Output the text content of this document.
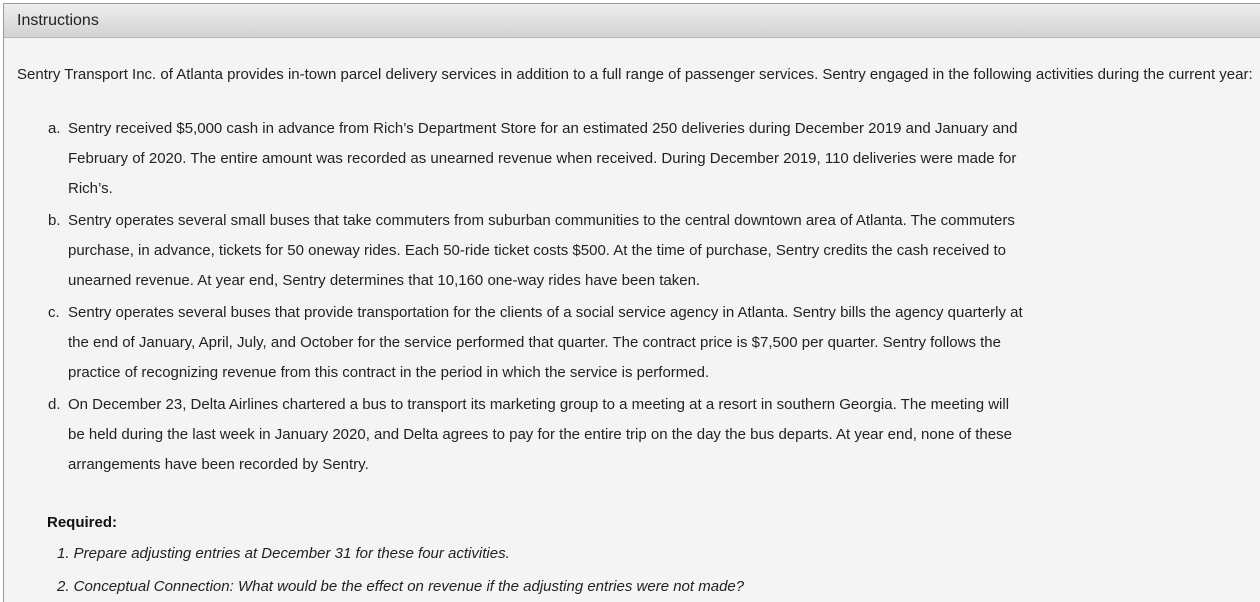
Instructions
Sentry Transport Inc. of Atlanta provides in-town parcel delivery services in addition to a full range of passenger services. Sentry engaged in the following activities during the current year:
a. Sentry received $5,000 cash in advance from Rich’s Department Store for an estimated 250 deliveries during December 2019 and January and February of 2020. The entire amount was recorded as unearned revenue when received. During December 2019, 110 deliveries were made for Rich’s.
b. Sentry operates several small buses that take commuters from suburban communities to the central downtown area of Atlanta. The commuters purchase, in advance, tickets for 50 oneway rides. Each 50-ride ticket costs $500. At the time of purchase, Sentry credits the cash received to unearned revenue. At year end, Sentry determines that 10,160 one-way rides have been taken.
c. Sentry operates several buses that provide transportation for the clients of a social service agency in Atlanta. Sentry bills the agency quarterly at the end of January, April, July, and October for the service performed that quarter. The contract price is $7,500 per quarter. Sentry follows the practice of recognizing revenue from this contract in the period in which the service is performed.
d. On December 23, Delta Airlines chartered a bus to transport its marketing group to a meeting at a resort in southern Georgia. The meeting will be held during the last week in January 2020, and Delta agrees to pay for the entire trip on the day the bus departs. At year end, none of these arrangements have been recorded by Sentry.
Required:
1. Prepare adjusting entries at December 31 for these four activities.
2. Conceptual Connection: What would be the effect on revenue if the adjusting entries were not made?
